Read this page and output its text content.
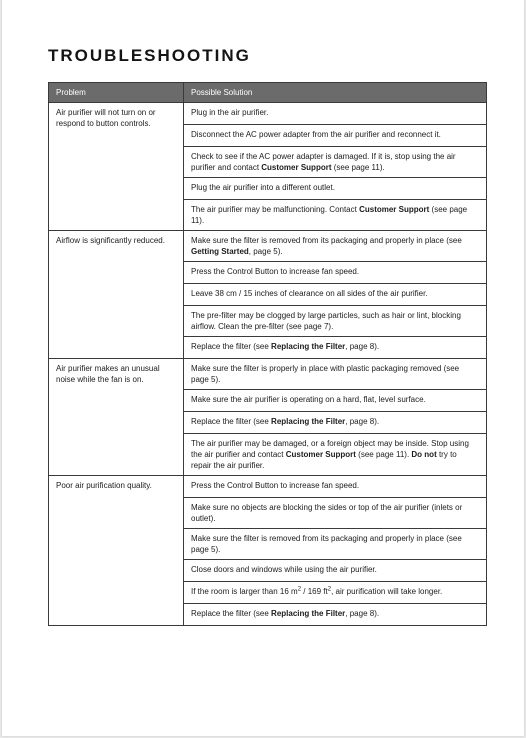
TROUBLESHOOTING
Problem	Possible Solution
Air purifier will not turn on or respond to button controls.	Plug in the air purifier.
	Disconnect the AC power adapter from the air purifier and reconnect it.
	Check to see if the AC power adapter is damaged. If it is, stop using the air purifier and contact Customer Support (see page 11).
	Plug the air purifier into a different outlet.
	The air purifier may be malfunctioning. Contact Customer Support (see page 11).
Airflow is significantly reduced.	Make sure the filter is removed from its packaging and properly in place (see Getting Started, page 5).
	Press the Control Button to increase fan speed.
	Leave 38 cm / 15 inches of clearance on all sides of the air purifier.
	The pre-filter may be clogged by large particles, such as hair or lint, blocking airflow. Clean the pre-filter (see page 7).
	Replace the filter (see Replacing the Filter, page 8).
Air purifier makes an unusual noise while the fan is on.	Make sure the filter is properly in place with plastic packaging removed (see page 5).
	Make sure the air purifier is operating on a hard, flat, level surface.
	Replace the filter (see Replacing the Filter, page 8).
	The air purifier may be damaged, or a foreign object may be inside. Stop using the air purifier and contact Customer Support (see page 11). Do not try to repair the air purifier.
Poor air purification quality.	Press the Control Button to increase fan speed.
	Make sure no objects are blocking the sides or top of the air purifier (inlets or outlet).
	Make sure the filter is removed from its packaging and properly in place (see page 5).
	Close doors and windows while using the air purifier.
	If the room is larger than 16 $m^2 / 169$ $ft^2$, air purification will take longer.
	Replace the filter (see Replacing the Filter, page 8).
